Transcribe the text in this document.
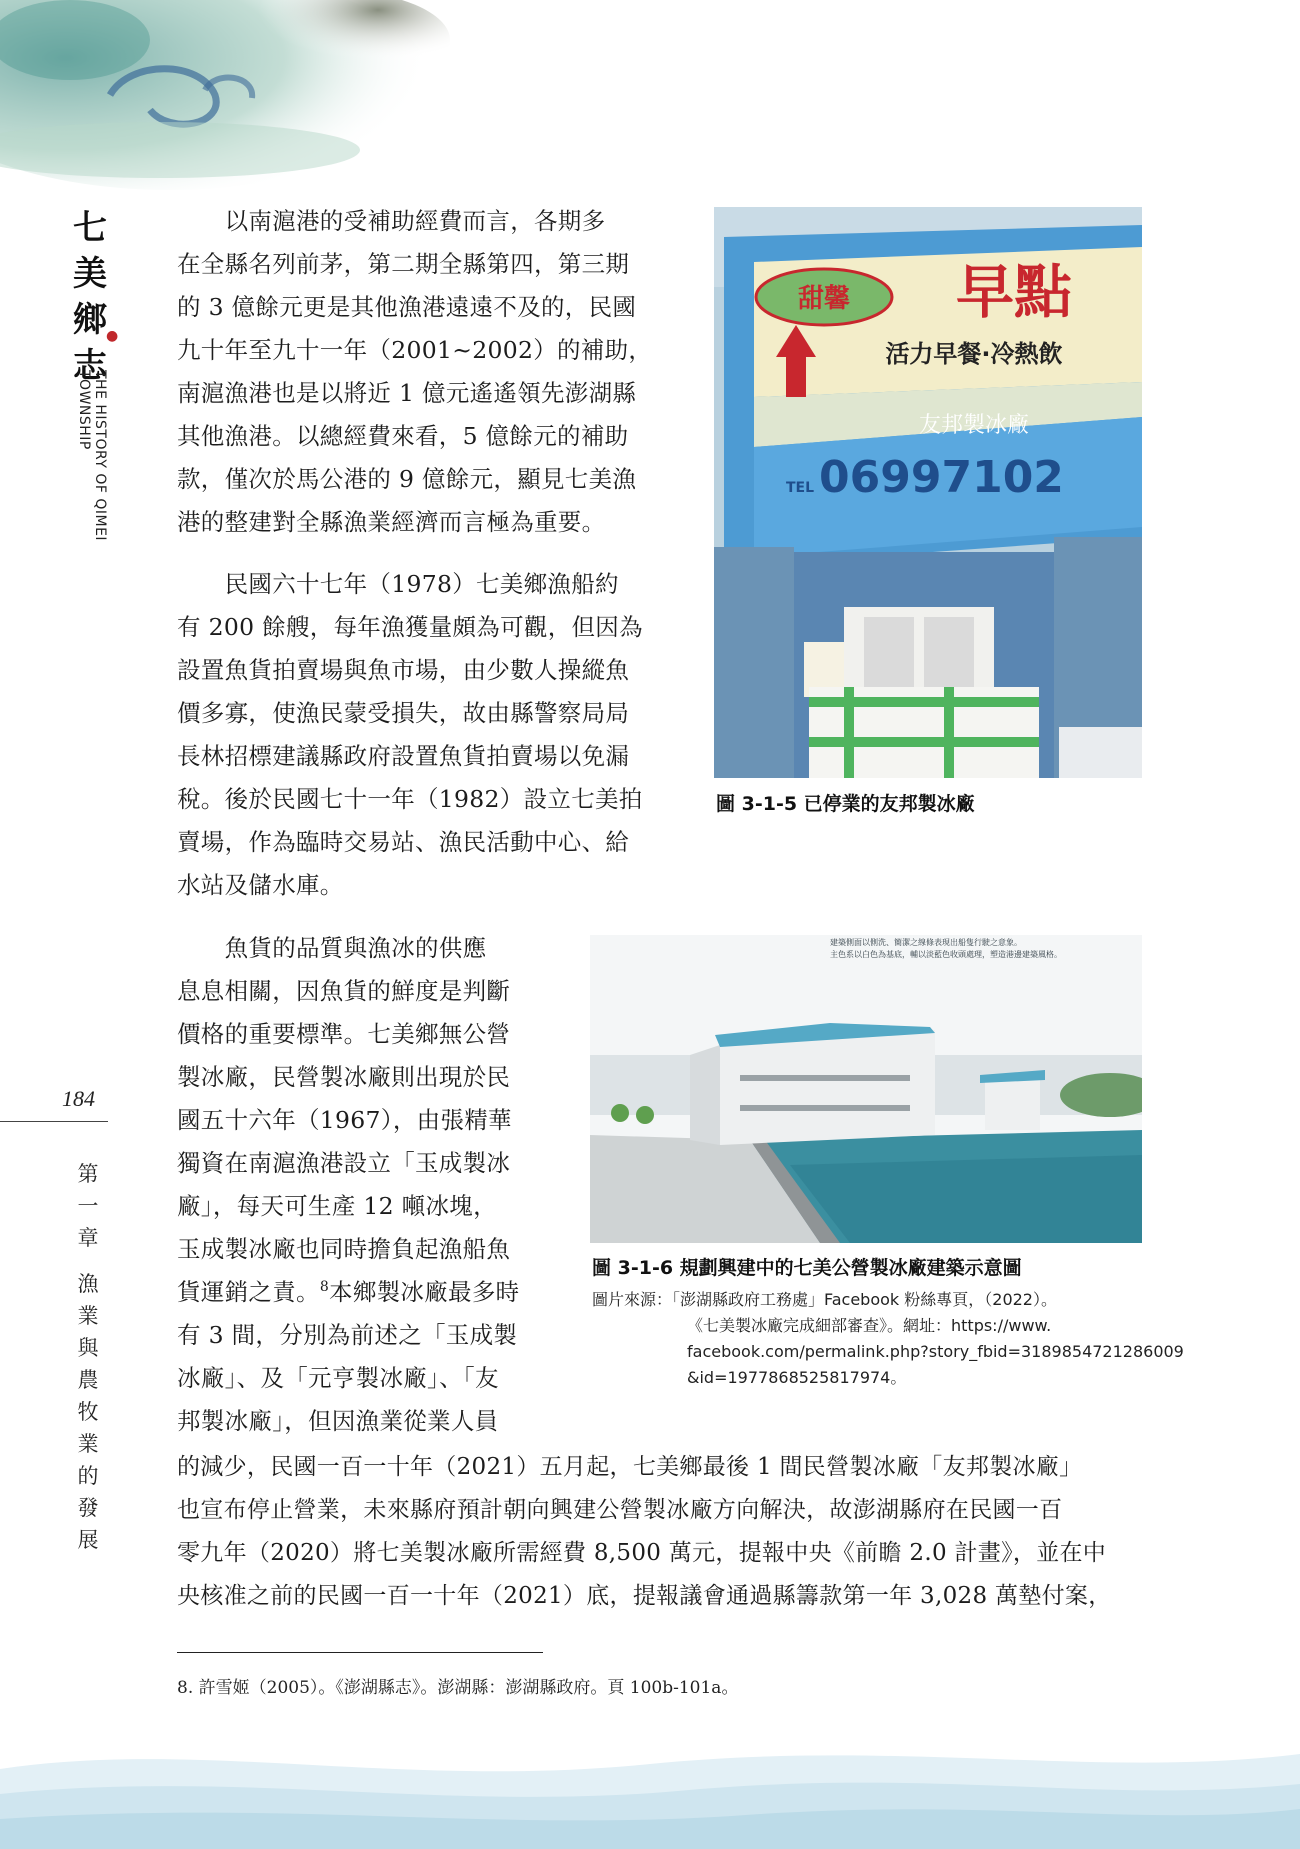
七
美
鄉
志
●
THE HISTORY OF QIMEI TOWNSHIP
184
第
一
章
漁
業
與
農
牧
業
的
發
展
　　以南滬港的受補助經費而言，各期多
在全縣名列前茅，第二期全縣第四，第三期
的 3 億餘元更是其他漁港遠遠不及的，民國
九十年至九十一年（2001~2002）的補助，
南滬漁港也是以將近 1 億元遙遙領先澎湖縣
其他漁港。以總經費來看，5 億餘元的補助
款，僅次於馬公港的 9 億餘元，顯見七美漁
港的整建對全縣漁業經濟而言極為重要。
　　民國六十七年（1978）七美鄉漁船約
有 200 餘艘，每年漁獲量頗為可觀，但因為
設置魚貨拍賣場與魚市場，由少數人操縱魚
價多寡，使漁民蒙受損失，故由縣警察局局
長林招標建議縣政府設置魚貨拍賣場以免漏
稅。後於民國七十一年（1982）設立七美拍
賣場，作為臨時交易站、漁民活動中心、給
水站及儲水庫。
甜馨 早點
活力早餐·冷熱飲
友邦製冰廠
06997102
TEL
圖 3-1-5 已停業的友邦製冰廠
建築側面以側洗、簡潔之線條表現出船隻行駛之意象。
主色系以白色為基底，輔以淡藍色收頭處理，塑造港邊建築風格。
圖 3-1-6 規劃興建中的七美公營製冰廠建築示意圖
圖片來源：「澎湖縣政府工務處」Facebook 粉絲專頁，（2022）。
《七美製冰廠完成細部審查》。網址：https://www.
facebook.com/permalink.php?story_fbid=3189854721286009
&id=1977868525817974。
　　魚貨的品質與漁冰的供應
息息相關，因魚貨的鮮度是判斷
價格的重要標準。七美鄉無公營
製冰廠，民營製冰廠則出現於民
國五十六年（1967），由張精華
獨資在南滬漁港設立「玉成製冰
廠」，每天可生產 12 噸冰塊，
玉成製冰廠也同時擔負起漁船魚
貨運銷之責。$^8$本鄉製冰廠最多時
有 3 間，分別為前述之「玉成製
冰廠」、及「元亨製冰廠」、「友
邦製冰廠」，但因漁業從業人員
的減少，民國一百一十年（2021）五月起，七美鄉最後 1 間民營製冰廠「友邦製冰廠」
也宣布停止營業，未來縣府預計朝向興建公營製冰廠方向解決，故澎湖縣府在民國一百
零九年（2020）將七美製冰廠所需經費 8,500 萬元，提報中央《前瞻 2.0 計畫》，並在中
央核准之前的民國一百一十年（2021）底，提報議會通過縣籌款第一年 3,028 萬墊付案，
8. 許雪姬（2005）。《澎湖縣志》。澎湖縣：澎湖縣政府。頁 100b-101a。
